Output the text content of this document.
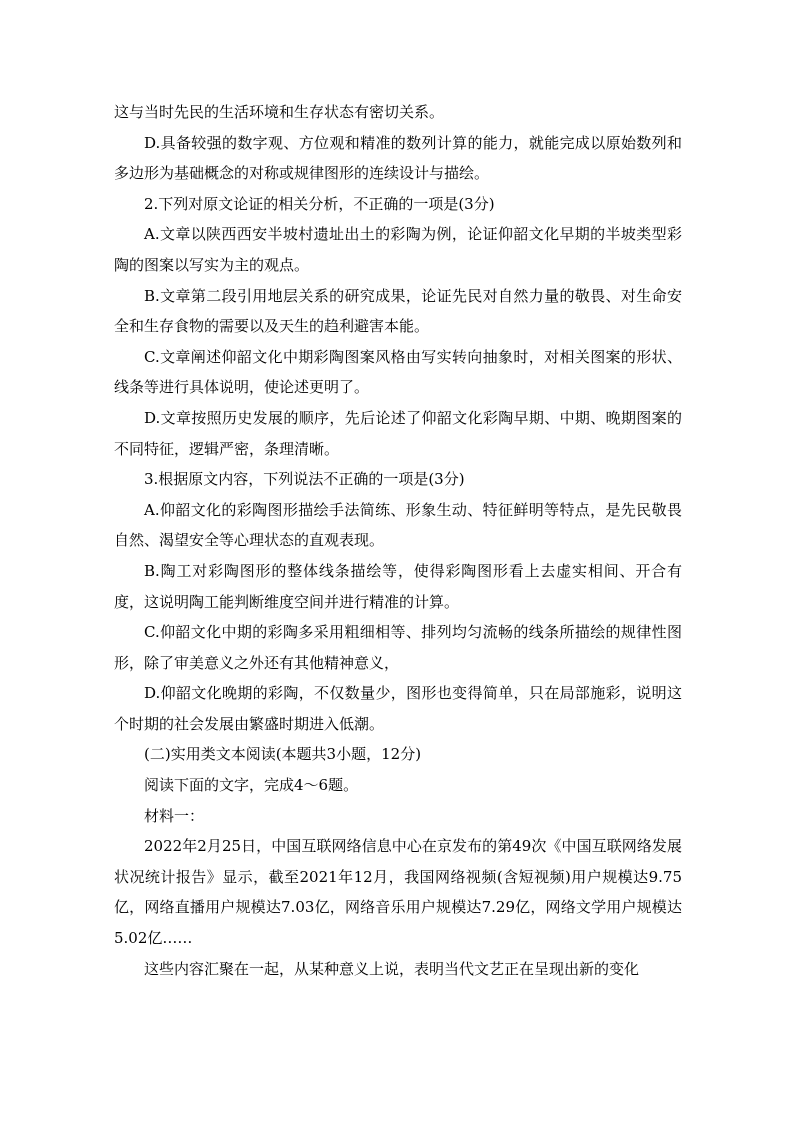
这与当时先民的生活环境和生存状态有密切关系。

D.具备较强的数字观、方位观和精准的数列计算的能力，就能完成以原始数列和多边形为基础概念的对称或规律图形的连续设计与描绘。

2.下列对原文论证的相关分析，不正确的一项是(3分)

A.文章以陕西西安半坡村遗址出土的彩陶为例，论证仰韶文化早期的半坡类型彩陶的图案以写实为主的观点。

B.文章第二段引用地层关系的研究成果，论证先民对自然力量的敬畏、对生命安全和生存食物的需要以及天生的趋利避害本能。

C.文章阐述仰韶文化中期彩陶图案风格由写实转向抽象时，对相关图案的形状、线条等进行具体说明，使论述更明了。

D.文章按照历史发展的顺序，先后论述了仰韶文化彩陶早期、中期、晚期图案的不同特征，逻辑严密，条理清晰。

3.根据原文内容，下列说法不正确的一项是(3分)

A.仰韶文化的彩陶图形描绘手法简练、形象生动、特征鲜明等特点，是先民敬畏自然、渴望安全等心理状态的直观表现。

B.陶工对彩陶图形的整体线条描绘等，使得彩陶图形看上去虚实相间、开合有度，这说明陶工能判断维度空间并进行精准的计算。

C.仰韶文化中期的彩陶多采用粗细相等、排列均匀流畅的线条所描绘的规律性图形，除了审美意义之外还有其他精神意义，

D.仰韶文化晚期的彩陶，不仅数量少，图形也变得简单，只在局部施彩，说明这个时期的社会发展由繁盛时期进入低潮。

(二)实用类文本阅读(本题共3小题，12分)

阅读下面的文字，完成4～6题。

材料一：

2022年2月25日，中国互联网络信息中心在京发布的第49次《中国互联网络发展状况统计报告》显示，截至2021年12月，我国网络视频(含短视频)用户规模达9.75亿，网络直播用户规模达7.03亿，网络音乐用户规模达7.29亿，网络文学用户规模达5.02亿……

这些内容汇聚在一起，从某种意义上说，表明当代文艺正在呈现出新的变化
